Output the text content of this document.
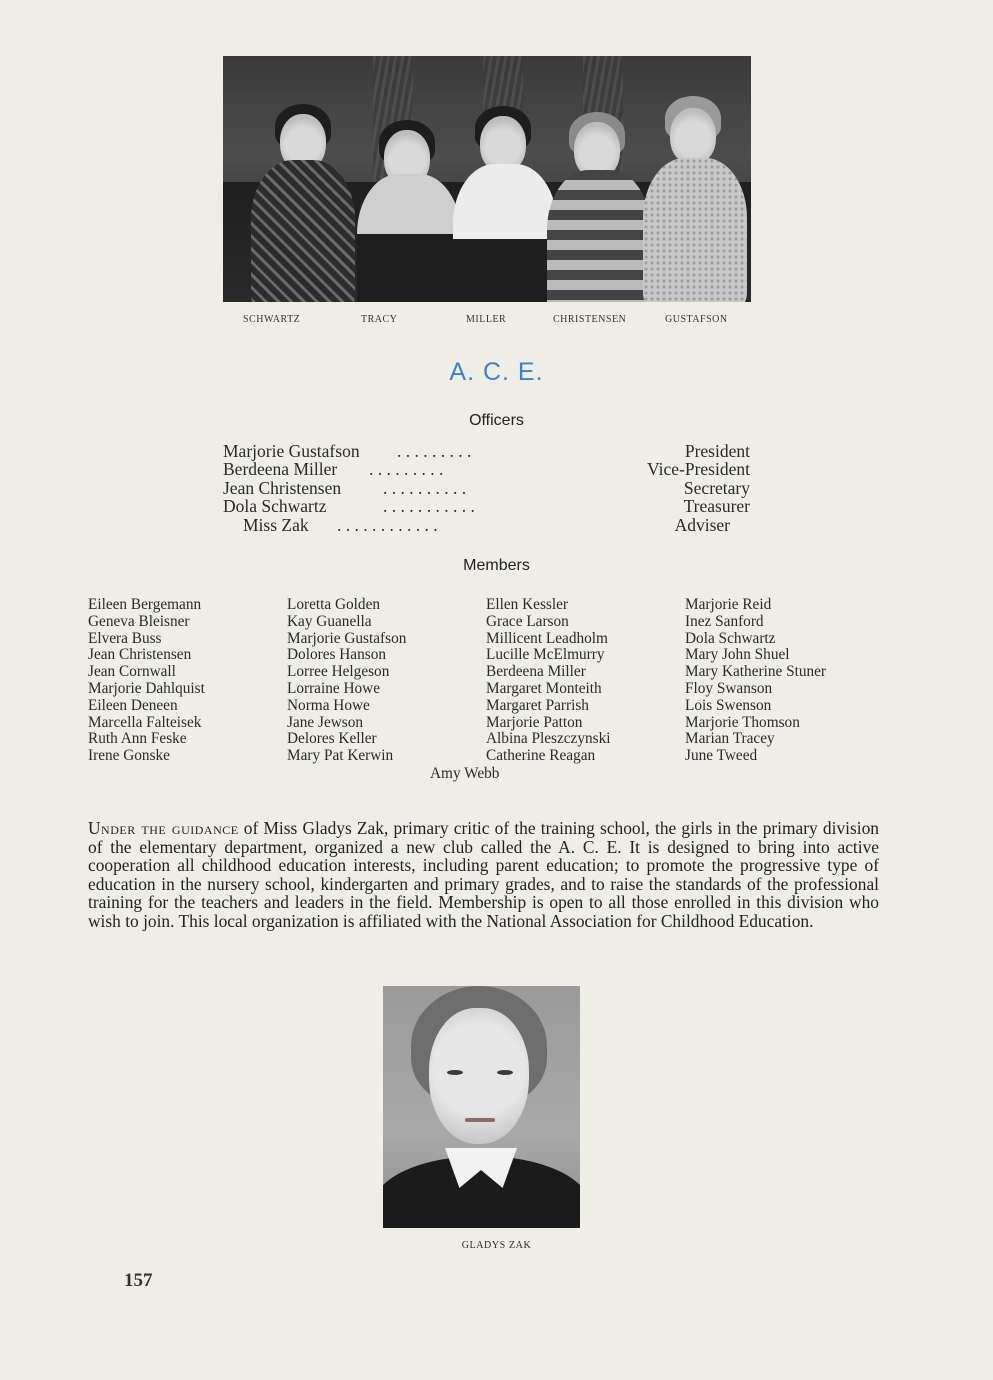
SCHWARTZ	TRACY	MILLER	CHRISTENSEN	GUSTAFSON
A. C. E.
Officers
Marjorie Gustafson . . . . . . . . .	President
Berdeena Miller . . . . . . . . .	Vice-President
Jean Christensen . . . . . . . . . .	Secretary
Dola Schwartz	. . . . . . . . . . .	Treasurer
Miss Zak . . . . . . . . . . . .	Adviser
Members
Eileen Bergemann
Geneva Bleisner
Elvera Buss
Jean Christensen
Jean Cornwall
Marjorie Dahlquist
Eileen Deneen
Marcella Falteisek
Ruth Ann Feske
Irene Gonske
Loretta Golden
Kay Guanella
Marjorie Gustafson
Dolores Hanson
Lorree Helgeson
Lorraine Howe
Norma Howe
Jane Jewson
Delores Keller
Mary Pat Kerwin
Ellen Kessler
Grace Larson
Millicent Leadholm
Lucille McElmurry
Berdeena Miller
Margaret Monteith
Margaret Parrish
Marjorie Patton
Albina Pleszczynski
Catherine Reagan
Marjorie Reid
Inez Sanford
Dola Schwartz
Mary John Shuel
Mary Katherine Stuner
Floy Swanson
Lois Swenson
Marjorie Thomson
Marian Tracey
June Tweed
Amy Webb
Under the guidance of Miss Gladys Zak, primary critic of the training school, the girls in the primary division of the elementary department, organized a new club called the A. C. E. It is designed to bring into active cooperation all childhood education interests, including parent education; to promote the progressive type of education in the nursery school, kindergarten and primary grades, and to raise the standards of the professional training for the teachers and leaders in the field. Membership is open to all those enrolled in this division who wish to join. This local organization is affiliated with the National Association for Childhood Education.
GLADYS ZAK
157
